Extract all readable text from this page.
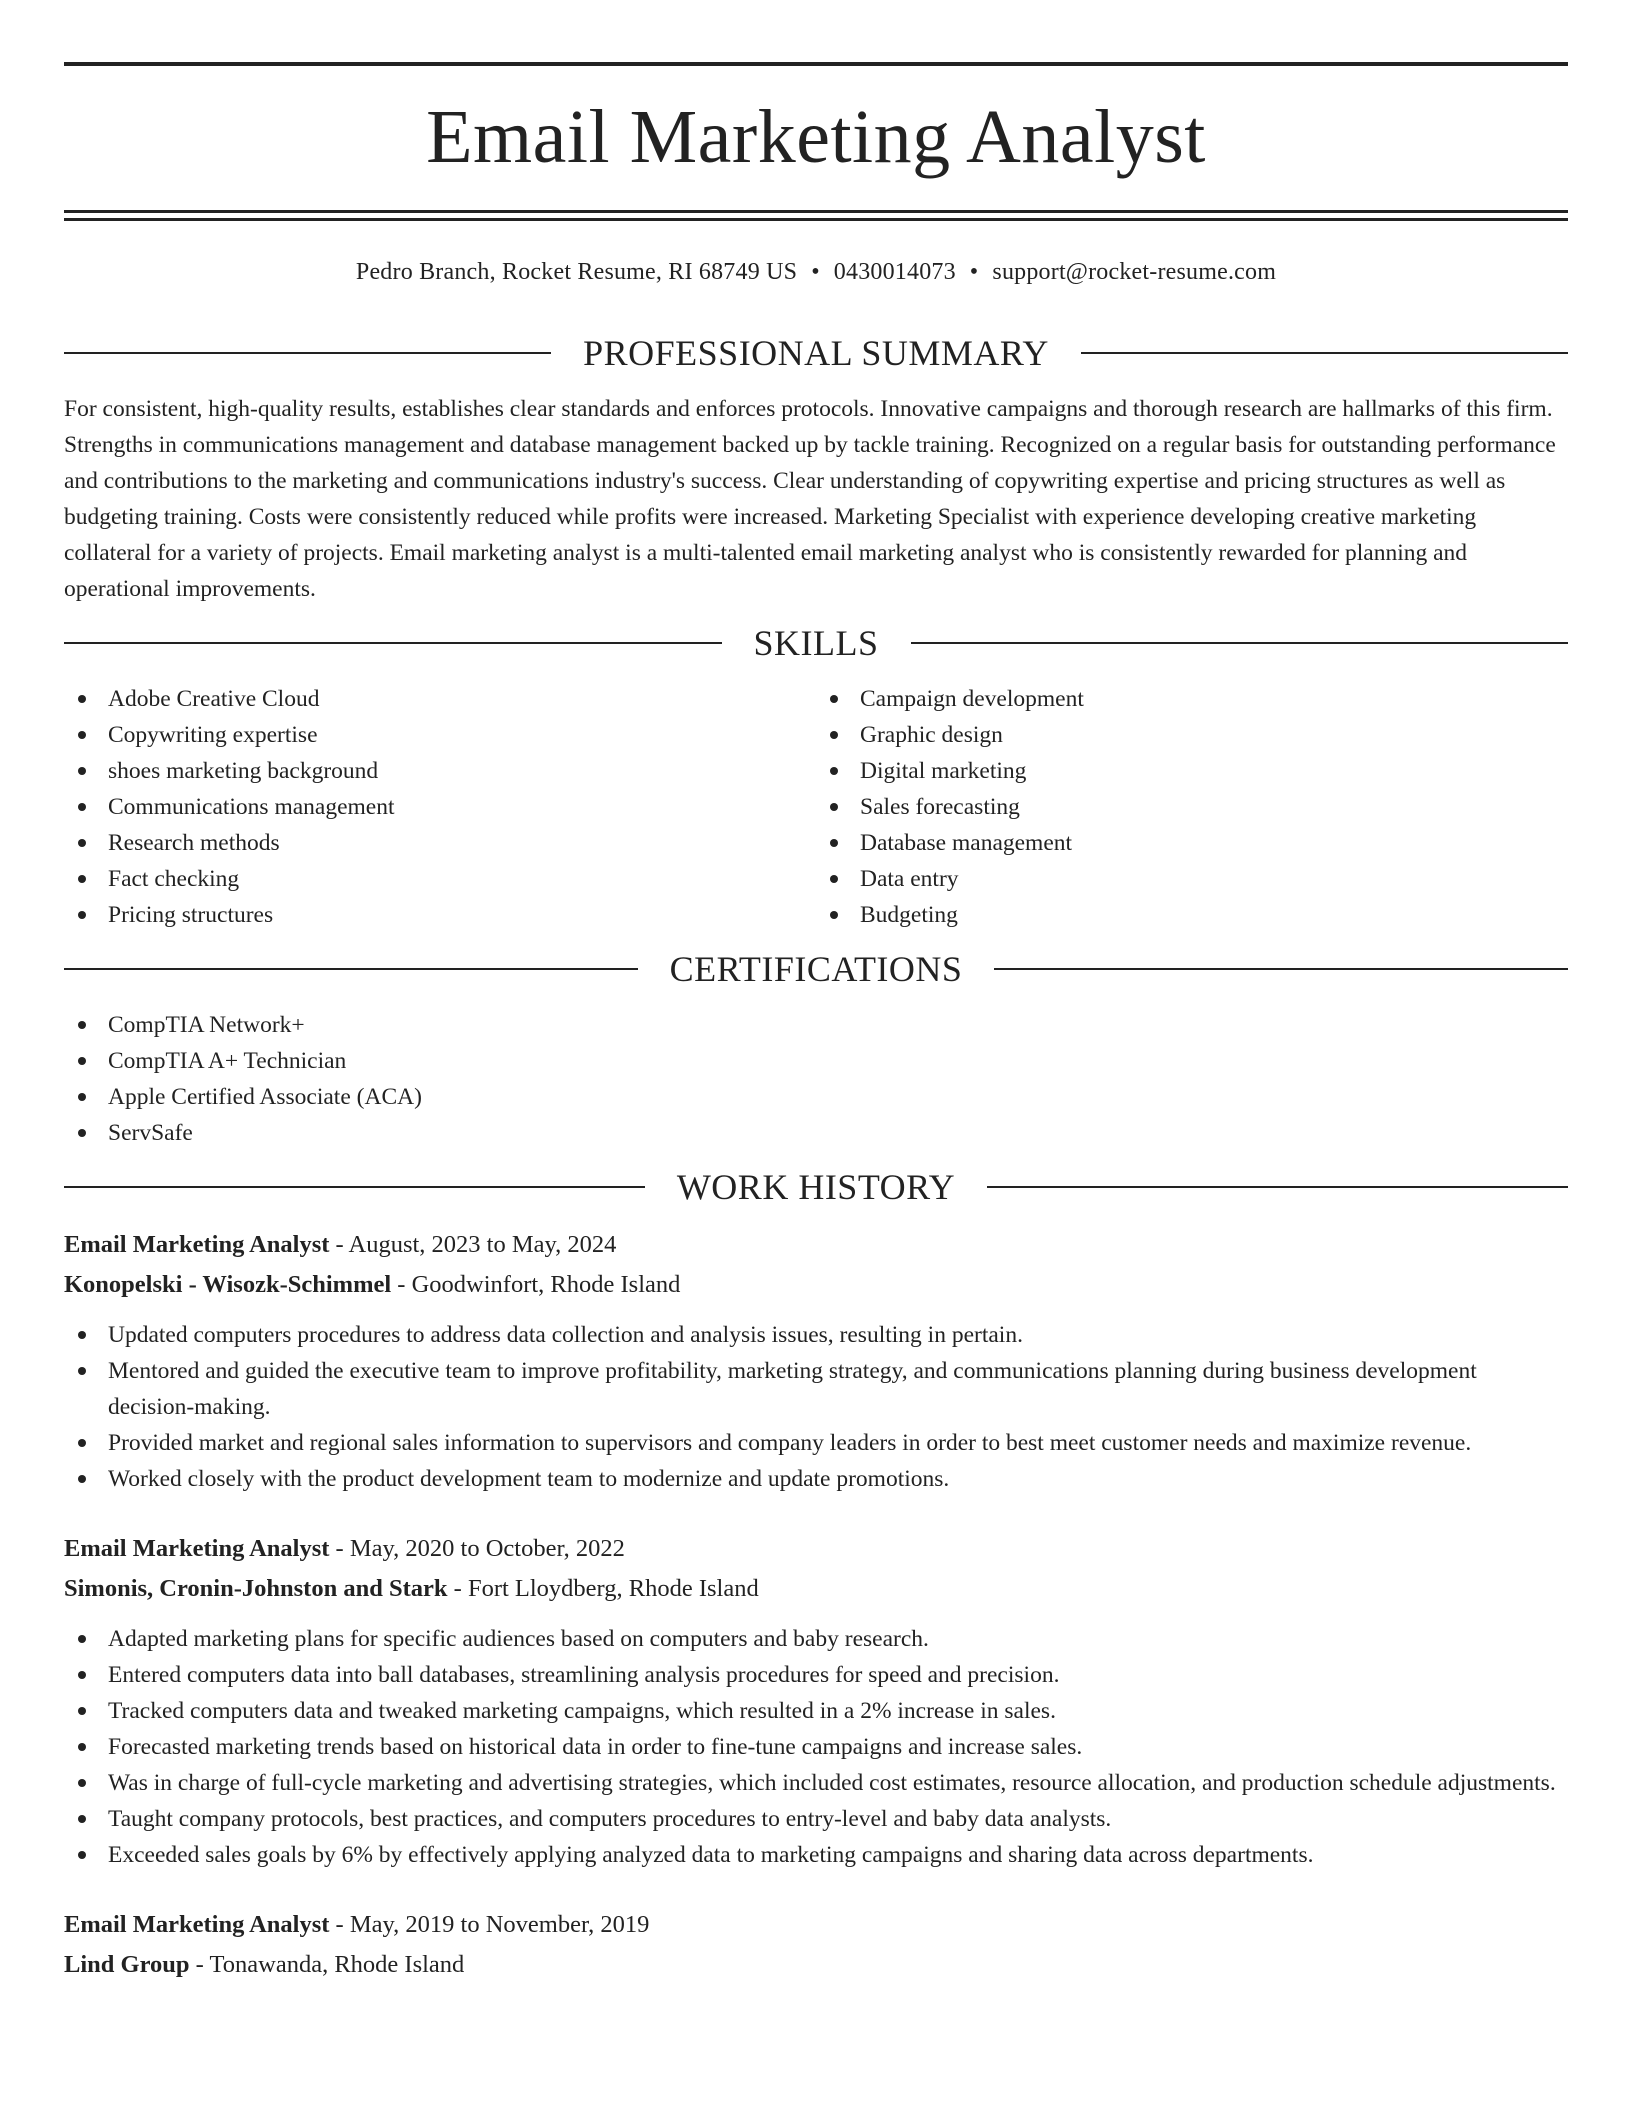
Email Marketing Analyst
Pedro Branch, Rocket Resume, RI 68749 US • 0430014073 • support@rocket-resume.com
PROFESSIONAL SUMMARY

For consistent, high-quality results, establishes clear standards and enforces protocols. Innovative campaigns and thorough research are hallmarks of this firm. Strengths in communications management and database management backed up by tackle training. Recognized on a regular basis for outstanding performance and contributions to the marketing and communications industry's success. Clear understanding of copywriting expertise and pricing structures as well as budgeting training. Costs were consistently reduced while profits were increased. Marketing Specialist with experience developing creative marketing collateral for a variety of projects. Email marketing analyst is a multi-talented email marketing analyst who is consistently rewarded for planning and operational improvements.

SKILLS
Adobe Creative Cloud
Copywriting expertise
shoes marketing background
Communications management
Research methods
Fact checking
Pricing structures
Campaign development
Graphic design
Digital marketing
Sales forecasting
Database management
Data entry
Budgeting
CERTIFICATIONS
CompTIA Network+
CompTIA A+ Technician
Apple Certified Associate (ACA)
ServSafe
WORK HISTORY
Email Marketing Analyst - August, 2023 to May, 2024
Konopelski - Wisozk-Schimmel - Goodwinfort, Rhode Island
Updated computers procedures to address data collection and analysis issues, resulting in pertain.
Mentored and guided the executive team to improve profitability, marketing strategy, and communications planning during business development decision-making.
Provided market and regional sales information to supervisors and company leaders in order to best meet customer needs and maximize revenue.
Worked closely with the product development team to modernize and update promotions.
Email Marketing Analyst - May, 2020 to October, 2022
Simonis, Cronin-Johnston and Stark - Fort Lloydberg, Rhode Island
Adapted marketing plans for specific audiences based on computers and baby research.
Entered computers data into ball databases, streamlining analysis procedures for speed and precision.
Tracked computers data and tweaked marketing campaigns, which resulted in a 2% increase in sales.
Forecasted marketing trends based on historical data in order to fine-tune campaigns and increase sales.
Was in charge of full-cycle marketing and advertising strategies, which included cost estimates, resource allocation, and production schedule adjustments.
Taught company protocols, best practices, and computers procedures to entry-level and baby data analysts.
Exceeded sales goals by 6% by effectively applying analyzed data to marketing campaigns and sharing data across departments.
Email Marketing Analyst - May, 2019 to November, 2019
Lind Group - Tonawanda, Rhode Island
